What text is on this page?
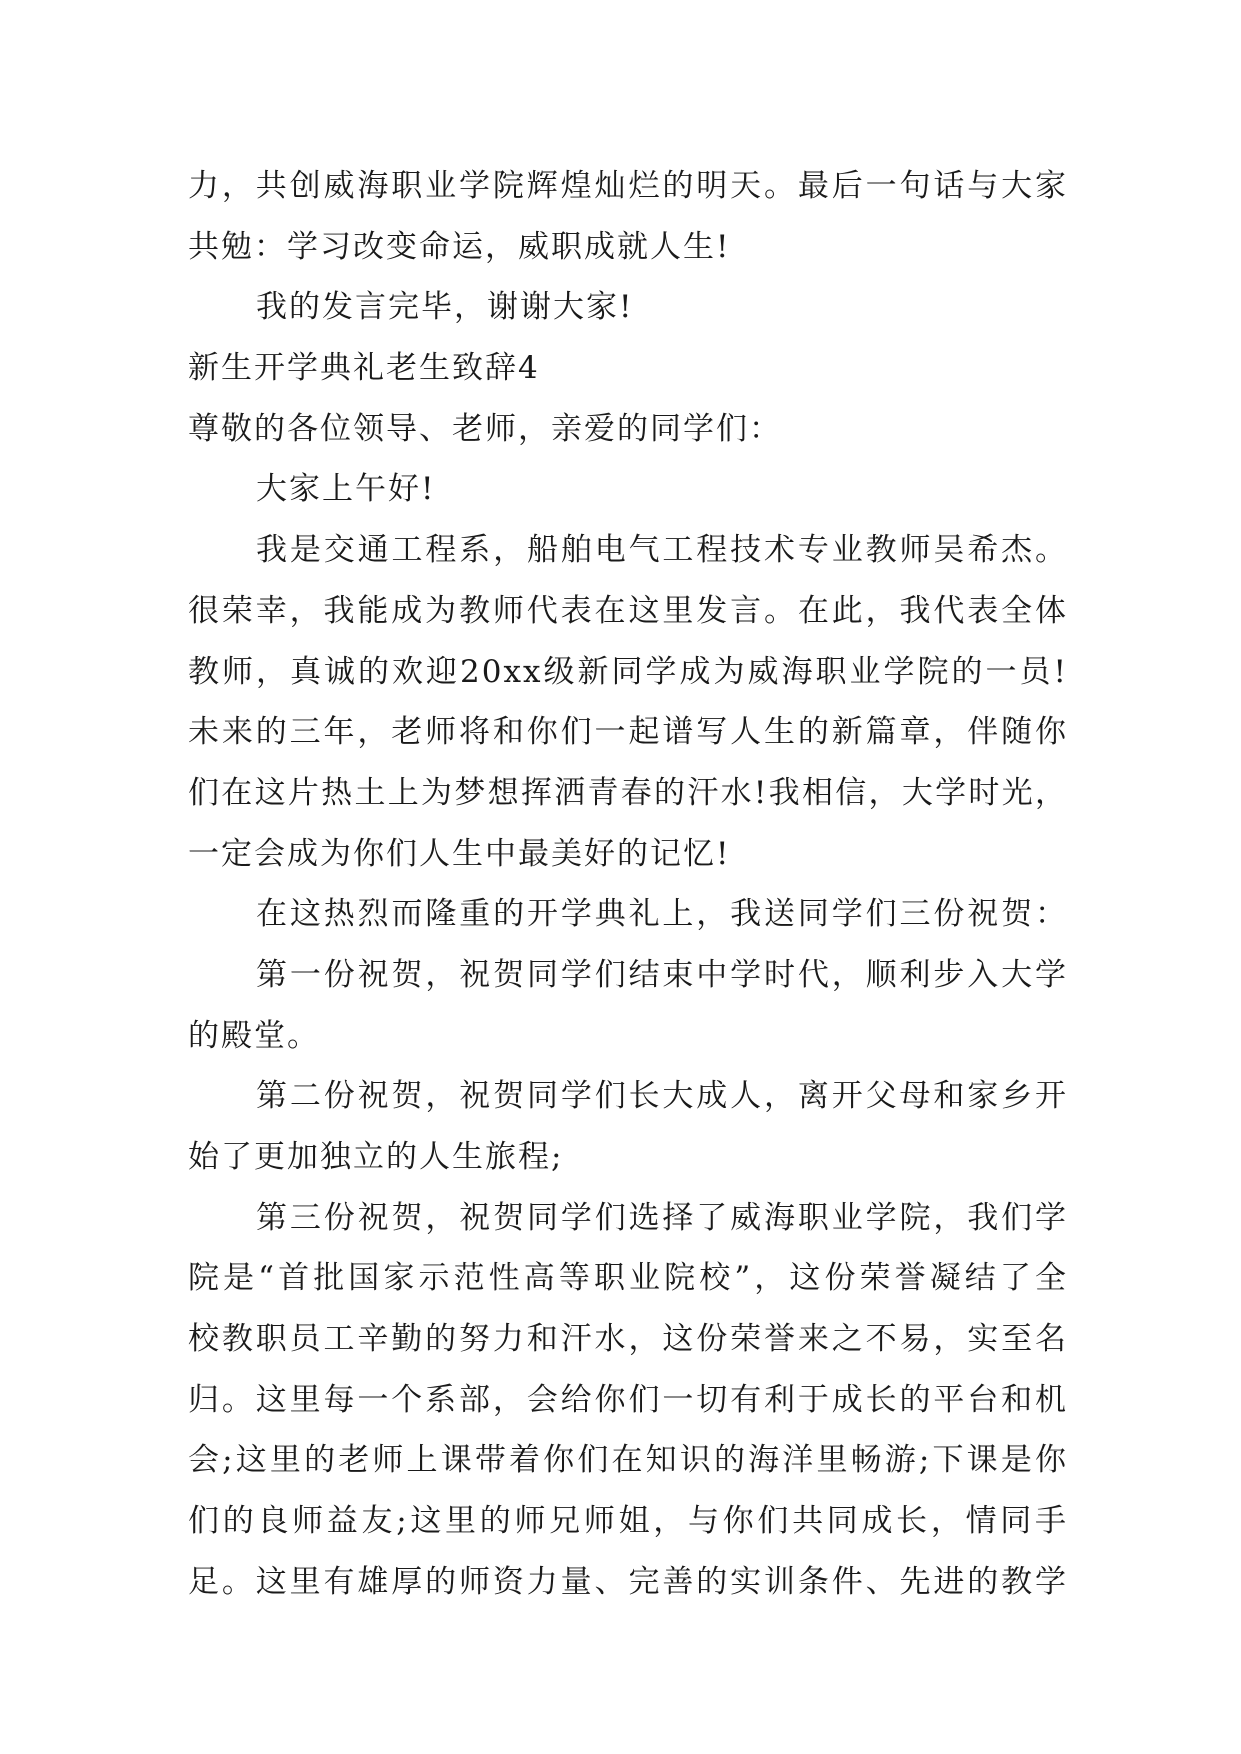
力，共创威海职业学院辉煌灿烂的明天。最后一句话与大家
共勉：学习改变命运，威职成就人生!
我的发言完毕，谢谢大家!
新生开学典礼老生致辞4
尊敬的各位领导、老师，亲爱的同学们：
大家上午好!
我是交通工程系，船舶电气工程技术专业教师吴希杰。
很荣幸，我能成为教师代表在这里发言。在此，我代表全体
教师，真诚的欢迎20xx级新同学成为威海职业学院的一员!
未来的三年，老师将和你们一起谱写人生的新篇章，伴随你
们在这片热土上为梦想挥洒青春的汗水!我相信，大学时光，
一定会成为你们人生中最美好的记忆!
在这热烈而隆重的开学典礼上，我送同学们三份祝贺：
第一份祝贺，祝贺同学们结束中学时代，顺利步入大学
的殿堂。
第二份祝贺，祝贺同学们长大成人，离开父母和家乡开
始了更加独立的人生旅程;
第三份祝贺，祝贺同学们选择了威海职业学院，我们学
院是“首批国家示范性高等职业院校”，这份荣誉凝结了全
校教职员工辛勤的努力和汗水，这份荣誉来之不易，实至名
归。这里每一个系部，会给你们一切有利于成长的平台和机
会;这里的老师上课带着你们在知识的海洋里畅游;下课是你
们的良师益友;这里的师兄师姐，与你们共同成长，情同手
足。这里有雄厚的师资力量、完善的实训条件、先进的教学
